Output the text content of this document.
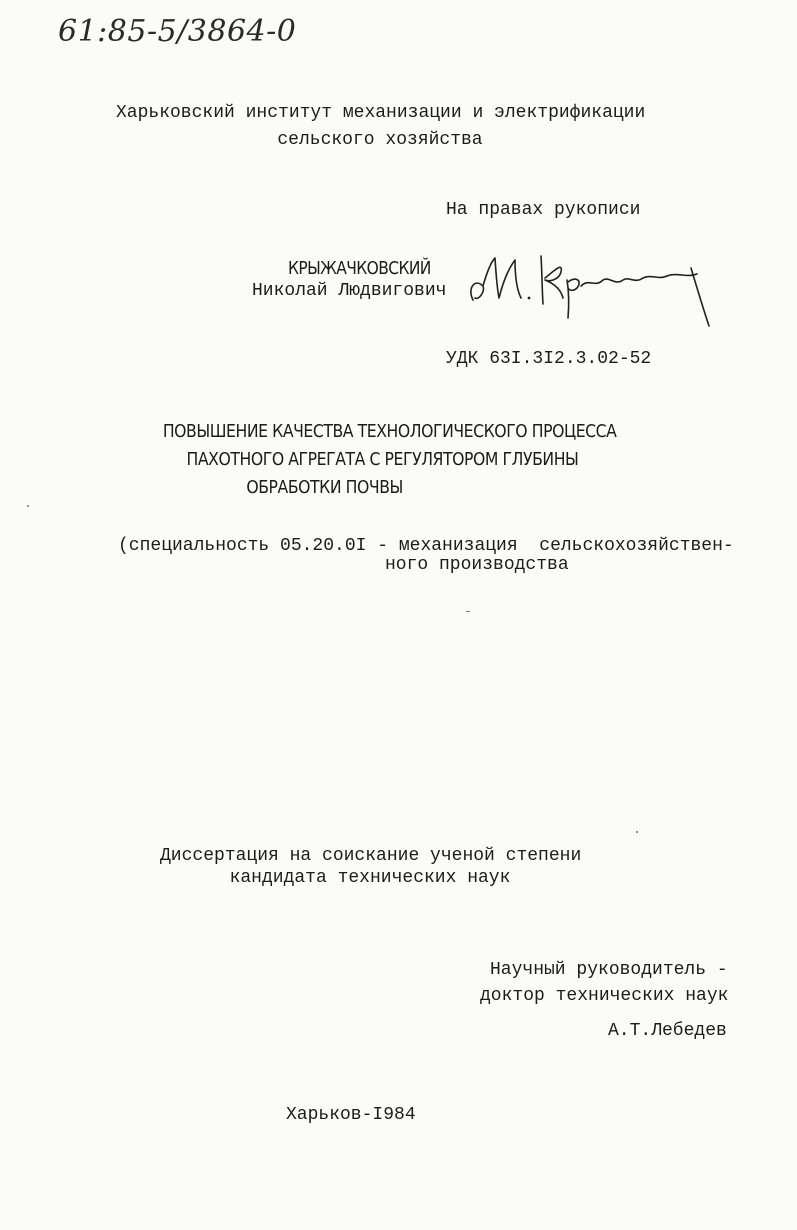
61:85-5/3864-0
Харьковский институт механизации и электрификации
сельского хозяйства
На правах рукописи
КРЫЖАЧКОВСКИЙ
Николай Людвигович
УДК 63I.3I2.3.02-52
ПОВЫШЕНИЕ КАЧЕСТВА ТЕХНОЛОГИЧЕСКОГО ПРОЦЕССА
ПАХОТНОГО АГРЕГАТА С РЕГУЛЯТОРОМ ГЛУБИНЫ
ОБРАБОТКИ ПОЧВЫ
(специальность 05.20.0I - механизация  сельскохозяйствен-
ного производства
Диссертация на соискание ученой степени
кандидата технических наук
Научный руководитель -
доктор технических наук
А.Т.Лебедев
Харьков-I984
